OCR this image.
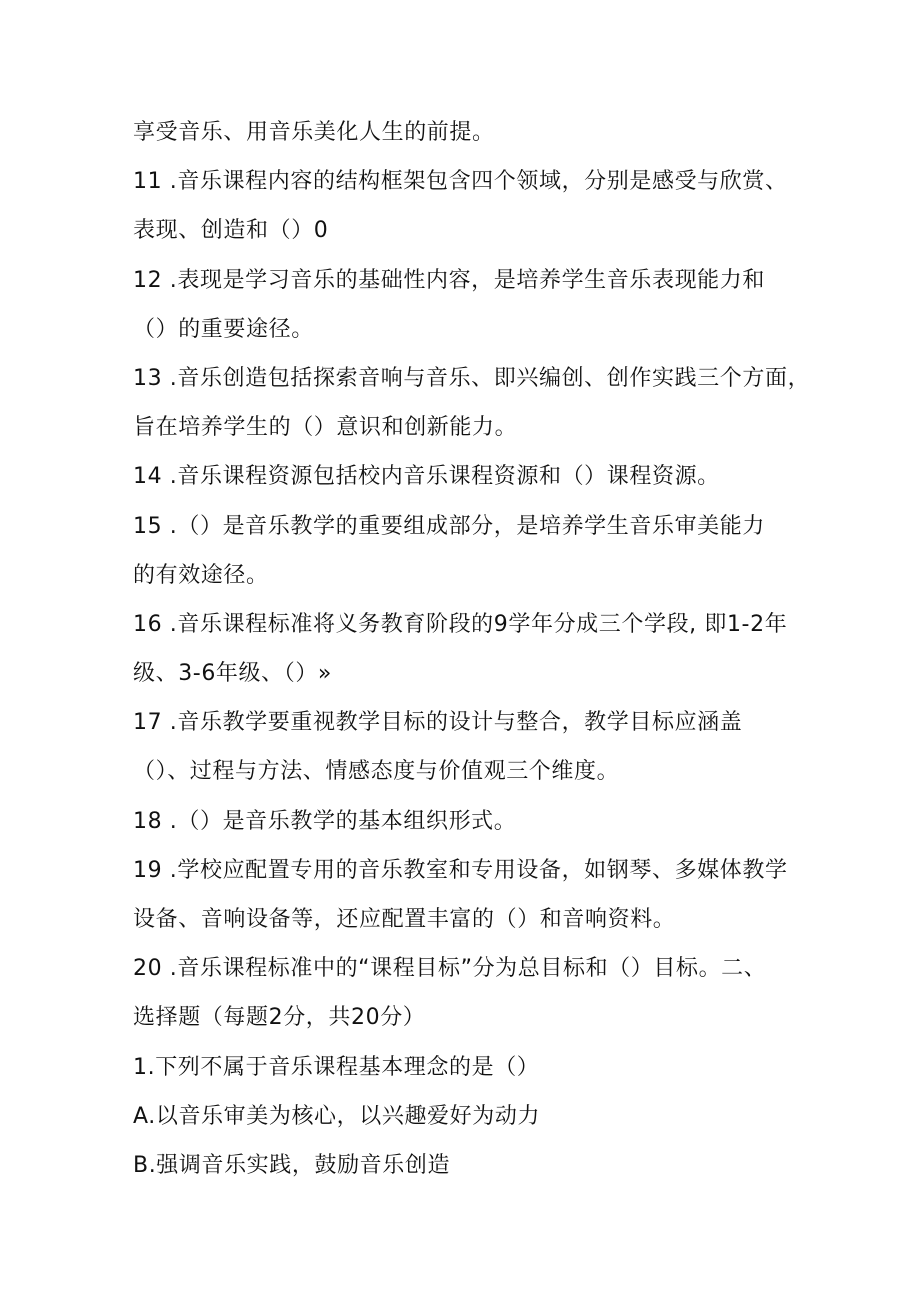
享受音乐、用音乐美化人生的前提。
11 .音乐课程内容的结构框架包含四个领域，分别是感受与欣赏、
表现、创造和（）0
12 .表现是学习音乐的基础性内容，是培养学生音乐表现能力和
（）的重要途径。
13 .音乐创造包括探索音响与音乐、即兴编创、创作实践三个方面，
旨在培养学生的（）意识和创新能力。
14 .音乐课程资源包括校内音乐课程资源和（）课程资源。
15 .（）是音乐教学的重要组成部分，是培养学生音乐审美能力
的有效途径。
16 .音乐课程标准将义务教育阶段的9学年分成三个学段, 即1-2年
级、3-6年级、（）»
17 .音乐教学要重视教学目标的设计与整合，教学目标应涵盖
（）、过程与方法、情感态度与价值观三个维度。
18 .（）是音乐教学的基本组织形式。
19 .学校应配置专用的音乐教室和专用设备，如钢琴、多媒体教学
设备、音响设备等，还应配置丰富的（）和音响资料。
20 .音乐课程标准中的“课程目标”分为总目标和（）目标。二、
选择题（每题2分，共20分）
1.下列不属于音乐课程基本理念的是（）
A.以音乐审美为核心，以兴趣爱好为动力
B.强调音乐实践，鼓励音乐创造
